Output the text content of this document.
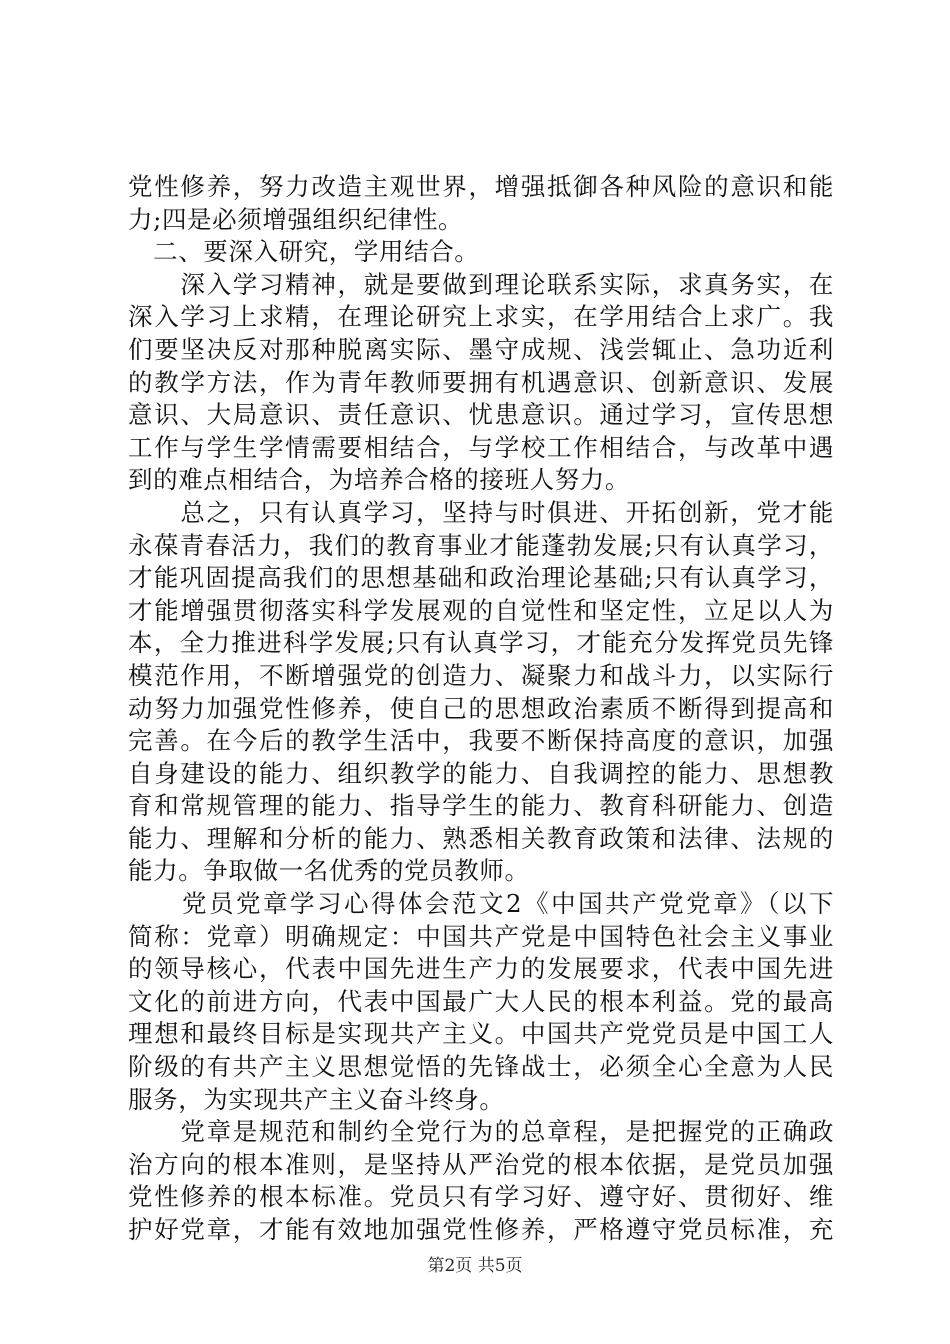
党性修养，努力改造主观世界，增强抵御各种风险的意识和能
力;四是必须增强组织纪律性。
　二、要深入研究，学用结合。
　　深入学习精神，就是要做到理论联系实际，求真务实，在
深入学习上求精，在理论研究上求实，在学用结合上求广。我
们要坚决反对那种脱离实际、墨守成规、浅尝辄止、急功近利
的教学方法，作为青年教师要拥有机遇意识、创新意识、发展
意识、大局意识、责任意识、忧患意识。通过学习，宣传思想
工作与学生学情需要相结合，与学校工作相结合，与改革中遇
到的难点相结合，为培养合格的接班人努力。
　　总之，只有认真学习，坚持与时俱进、开拓创新，党才能
永葆青春活力，我们的教育事业才能蓬勃发展;只有认真学习，
才能巩固提高我们的思想基础和政治理论基础;只有认真学习，
才能增强贯彻落实科学发展观的自觉性和坚定性，立足以人为
本，全力推进科学发展;只有认真学习，才能充分发挥党员先锋
模范作用，不断增强党的创造力、凝聚力和战斗力，以实际行
动努力加强党性修养，使自己的思想政治素质不断得到提高和
完善。在今后的教学生活中，我要不断保持高度的意识，加强
自身建设的能力、组织教学的能力、自我调控的能力、思想教
育和常规管理的能力、指导学生的能力、教育科研能力、创造
能力、理解和分析的能力、熟悉相关教育政策和法律、法规的
能力。争取做一名优秀的党员教师。
　　党员党章学习心得体会范文2《中国共产党党章》（以下
简称：党章）明确规定：中国共产党是中国特色社会主义事业
的领导核心，代表中国先进生产力的发展要求，代表中国先进
文化的前进方向，代表中国最广大人民的根本利益。党的最高
理想和最终目标是实现共产主义。中国共产党党员是中国工人
阶级的有共产主义思想觉悟的先锋战士，必须全心全意为人民
服务，为实现共产主义奋斗终身。
　　党章是规范和制约全党行为的总章程，是把握党的正确政
治方向的根本准则，是坚持从严治党的根本依据，是党员加强
党性修养的根本标准。党员只有学习好、遵守好、贯彻好、维
护好党章，才能有效地加强党性修养，严格遵守党员标准，充
第2页 共5页
